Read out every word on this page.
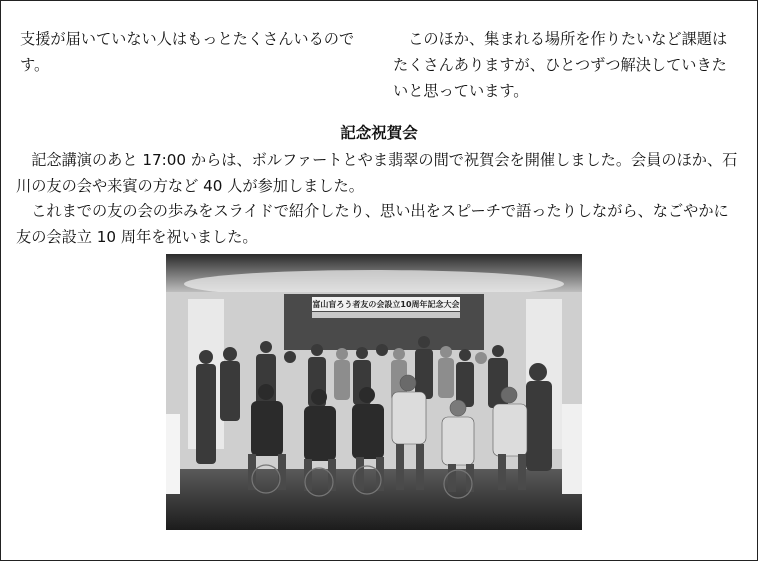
支援が届いていない人はもっとたくさんいるのです。

このほか、集まれる場所を作りたいなど課題はたくさんありますが、ひとつずつ解決していきたいと思っています。

記念祝賀会

記念講演のあと 17:00 からは、ボルファートとやま翡翠の間で祝賀会を開催しました。会員のほか、石川の友の会や来賓の方など 40 人が参加しました。

これまでの友の会の歩みをスライドで紹介したり、思い出をスピーチで語ったりしながら、なごやかに友の会設立 10 周年を祝いました。

富山盲ろう者友の会設立10周年記念大会
